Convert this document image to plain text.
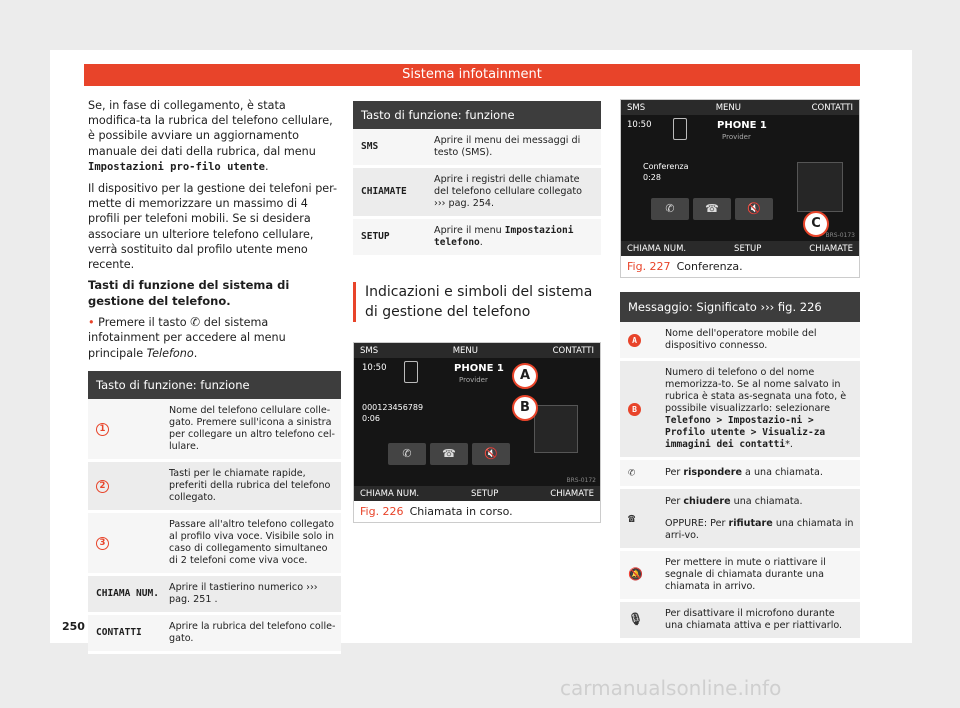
Sistema infotainment

Se, in fase di collegamento, è stata modifica-ta la rubrica del telefono cellulare, è possibile avviare un aggiornamento manuale dei dati della rubrica, dal menu Impostazioni pro-filo utente.

Il dispositivo per la gestione dei telefoni per-mette di memorizzare un massimo di 4 profili per telefoni mobili. Se si desidera associare un ulteriore telefono cellulare, verrà sostituito dal profilo utente meno recente.

Tasti di funzione del sistema di gestione del telefono.

• Premere il tasto ✆ del sistema infotainment per accedere al menu principale Telefono.

Tasto di funzione: funzione	
1	Nome del telefono cellulare colle-gato. Premere sull'icona a sinistra per collegare un altro telefono cel-lulare.
2	Tasti per le chiamate rapide, preferiti della rubrica del telefono collegato.
3	Passare all'altro telefono collegato al profilo viva voce. Visibile solo in caso di collegamento simultaneo di 2 telefoni come viva voce.
CHIAMA NUM.	Aprire il tastierino numerico ››› pag. 251 .
CONTATTI	Aprire la rubrica del telefono colle-gato.
Tasto di funzione: funzione	
SMS	Aprire il menu dei messaggi di testo (SMS).
CHIAMATE	Aprire i registri delle chiamate del telefono cellulare collegato ››› pag. 254.
SETUP	Aprire il menu Impostazioni telefono.
Indicazioni e simboli del sistema di gestione del telefono
SMS	MENU	CONTATTI
10:50	PHONE 1
Provider
000123456789
0:06
✆	☎	🔇
CHIAMA NUM.	SETUP	CHIAMATE
A
B
BRS-0172
Fig. 226 Chiamata in corso.
SMS	MENU	CONTATTI
10:50	PHONE 1
Provider
Conferenza
0:28
✆	☎	🔇
CHIAMA NUM.	SETUP	CHIAMATE
C
BRS-0173
Fig. 227 Conferenza.
Messaggio: Significato ››› fig. 226	
A	Nome dell'operatore mobile del dispositivo connesso.
B	Numero di telefono o del nome memorizza-to. Se al nome salvato in rubrica è stata as-segnata una foto, è possibile visualizzarlo: selezionare Telefono > Impostazio-ni > Profilo utente > Visualiz-za immagini dei contatti*.
✆	Per rispondere a una chiamata.
☎	Per chiudere una chiamata.
OPPURE: Per rifiutare una chiamata in arri-vo.

🔕	Per mettere in mute o riattivare il segnale di chiamata durante una chiamata in arrivo.
🎙	Per disattivare il microfono durante una chiamata attiva e per riattivarlo.
250
carmanualsonline.info
